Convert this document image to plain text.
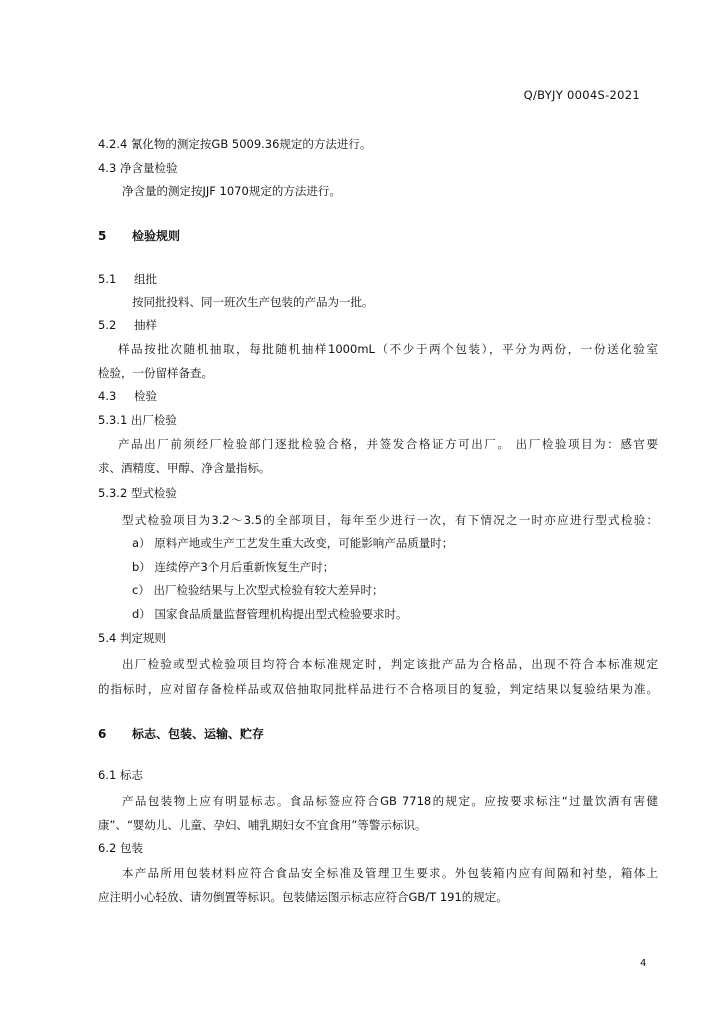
Q/BYJY 0004S-2021
4.2.4 氰化物的测定按GB 5009.36规定的方法进行。
4.3 净含量检验
净含量的测定按JJF 1070规定的方法进行。
5 检验规则
5.1 组批
按同批投料、同一班次生产包装的产品为一批。
5.2 抽样
样品按批次随机抽取，每批随机抽样1000mL（不少于两个包装），平分为两份，一份送化验室
检验，一份留样备查。
4.3 检验
5.3.1 出厂检验
产品出厂前须经厂检验部门逐批检验合格，并签发合格证方可出厂。 出厂检验项目为：感官要
求、酒精度、甲醇、净含量指标。
5.3.2 型式检验
型式检验项目为3.2～3.5的全部项目，每年至少进行一次，有下情况之一时亦应进行型式检验：
a） 原料产地或生产工艺发生重大改变，可能影响产品质量时；
b） 连续停产3个月后重新恢复生产时；
c） 出厂检验结果与上次型式检验有较大差异时；
d） 国家食品质量监督管理机构提出型式检验要求时。
5.4 判定规则
出厂检验或型式检验项目均符合本标准规定时，判定该批产品为合格品，出现不符合本标准规定
的指标时，应对留存备检样品或双倍抽取同批样品进行不合格项目的复验，判定结果以复验结果为准。
6 标志、包装、运输、贮存
6.1 标志
产品包装物上应有明显标志。食品标签应符合GB 7718的规定。应按要求标注“过量饮酒有害健
康”、“婴幼儿、儿童、孕妇、哺乳期妇女不宜食用”等警示标识。
6.2 包装
本产品所用包装材料应符合食品安全标准及管理卫生要求。外包装箱内应有间隔和衬垫，箱体上
应注明小心轻放、请勿倒置等标识。包装储运图示标志应符合GB/T 191的规定。
4
